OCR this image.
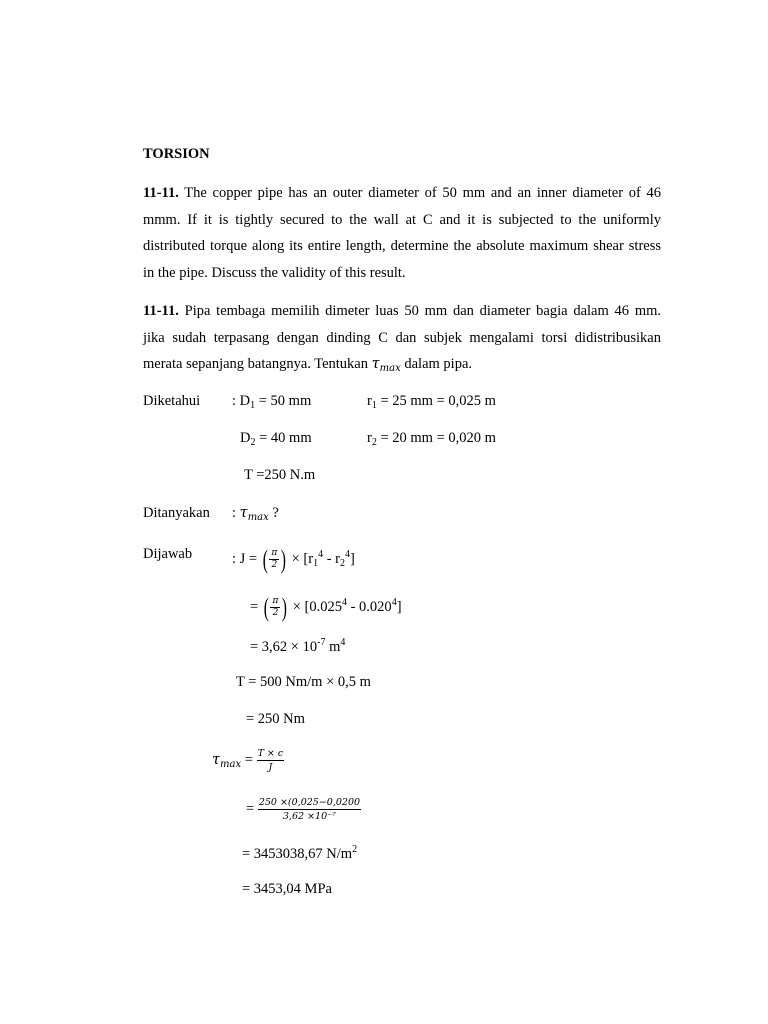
TORSION
11-11. The copper pipe has an outer diameter of 50 mm and an inner diameter of 46
mmm. If it is tightly secured to the wall at C and it is subjected to the uniformly
distributed torque along its entire length, determine the absolute maximum shear stress
in the pipe. Discuss the validity of this result.
11-11. Pipa tembaga memilih dimeter luas 50 mm dan diameter bagia dalam 46 mm.
jika sudah terpasang dengan dinding C dan subjek mengalami torsi didistribusikan
merata sepanjang batangnya. Tentukan $\tau_{max}$ dalam pipa.
Diketahui : $D_1 = 50$ mm	$r_1 = 25$ mm = 0,025 m
$D_2 = 40$ mm	$r_2 = 20$ mm = 0,020 m
T =250 N.m
Ditanyakan : $\tau_{max}$ ?
Dijawab	: J = ( $\frac{\pi}{2}$ ) × $[r_1^4 - r_2^4]$
= ( $\frac{\pi}{2}$ ) × $[0.025^4 - 0.020^4]$
= $3,62 \times 10^{-7}$ $m^4$
T = 500 Nm/m × 0,5 m
= 250 Nm
$\tau_{max} = \frac{T \times c}{J}$
= $\frac{250 \times(0,025-0,0200}{\text{3,62 ×10⁻⁷}}$
= 3453038,67 $N/m^2$
= 3453,04 MPa
